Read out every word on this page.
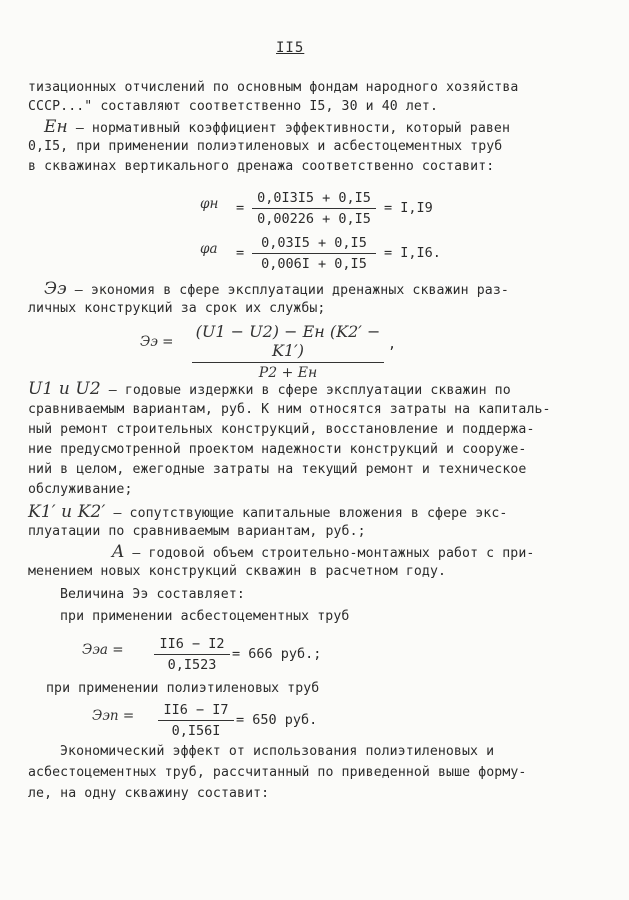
II5
тизационных отчислений по основным фондам народного хозяйства
СССР..." составляют соответственно I5, 30 и 40 лет.
Eн – нормативный коэффициент эффективности, который равен
0,I5, при применении полиэтиленовых и асбестоцементных труб
в скважинах вертикального дренажа соответственно составит:
φн =
0,0I3I5 + 0,I5
0,00226 + 0,I5
= I,I9
φа =
0,03I5 + 0,I5
0,006I + 0,I5
= I,I6.
Ээ – экономия в сфере эксплуатации дренажных скважин раз-
личных конструкций за срок их службы;
Ээ =
(U1 − U2) − Eн (K2′ − K1′)
P2 + Eн
,
U1 и U2 – годовые издержки в сфере эксплуатации скважин по
сравниваемым вариантам, руб. К ним относятся затраты на капиталь-
ный ремонт строительных конструкций, восстановление и поддержа-
ние предусмотренной проектом надежности конструкций и сооруже-
ний в целом, ежегодные затраты на текущий ремонт и техническое
обслуживание;
K1′ и K2′ – сопутствующие капитальные вложения в сфере экс-
плуатации по сравниваемым вариантам, руб.;
A – годовой объем строительно-монтажных работ с при-
менением новых конструкций скважин в расчетном году.
Величина Ээ составляет:
при применении асбестоцементных труб
Ээа =	II6 − I2
0,I523
= 666 руб.;
при применении полиэтиленовых труб
Ээп =	II6 − I7
0,I56I
= 650 руб.
Экономический эффект от использования полиэтиленовых и
асбестоцементных труб, рассчитанный по приведенной выше форму-
ле, на одну скважину составит:
